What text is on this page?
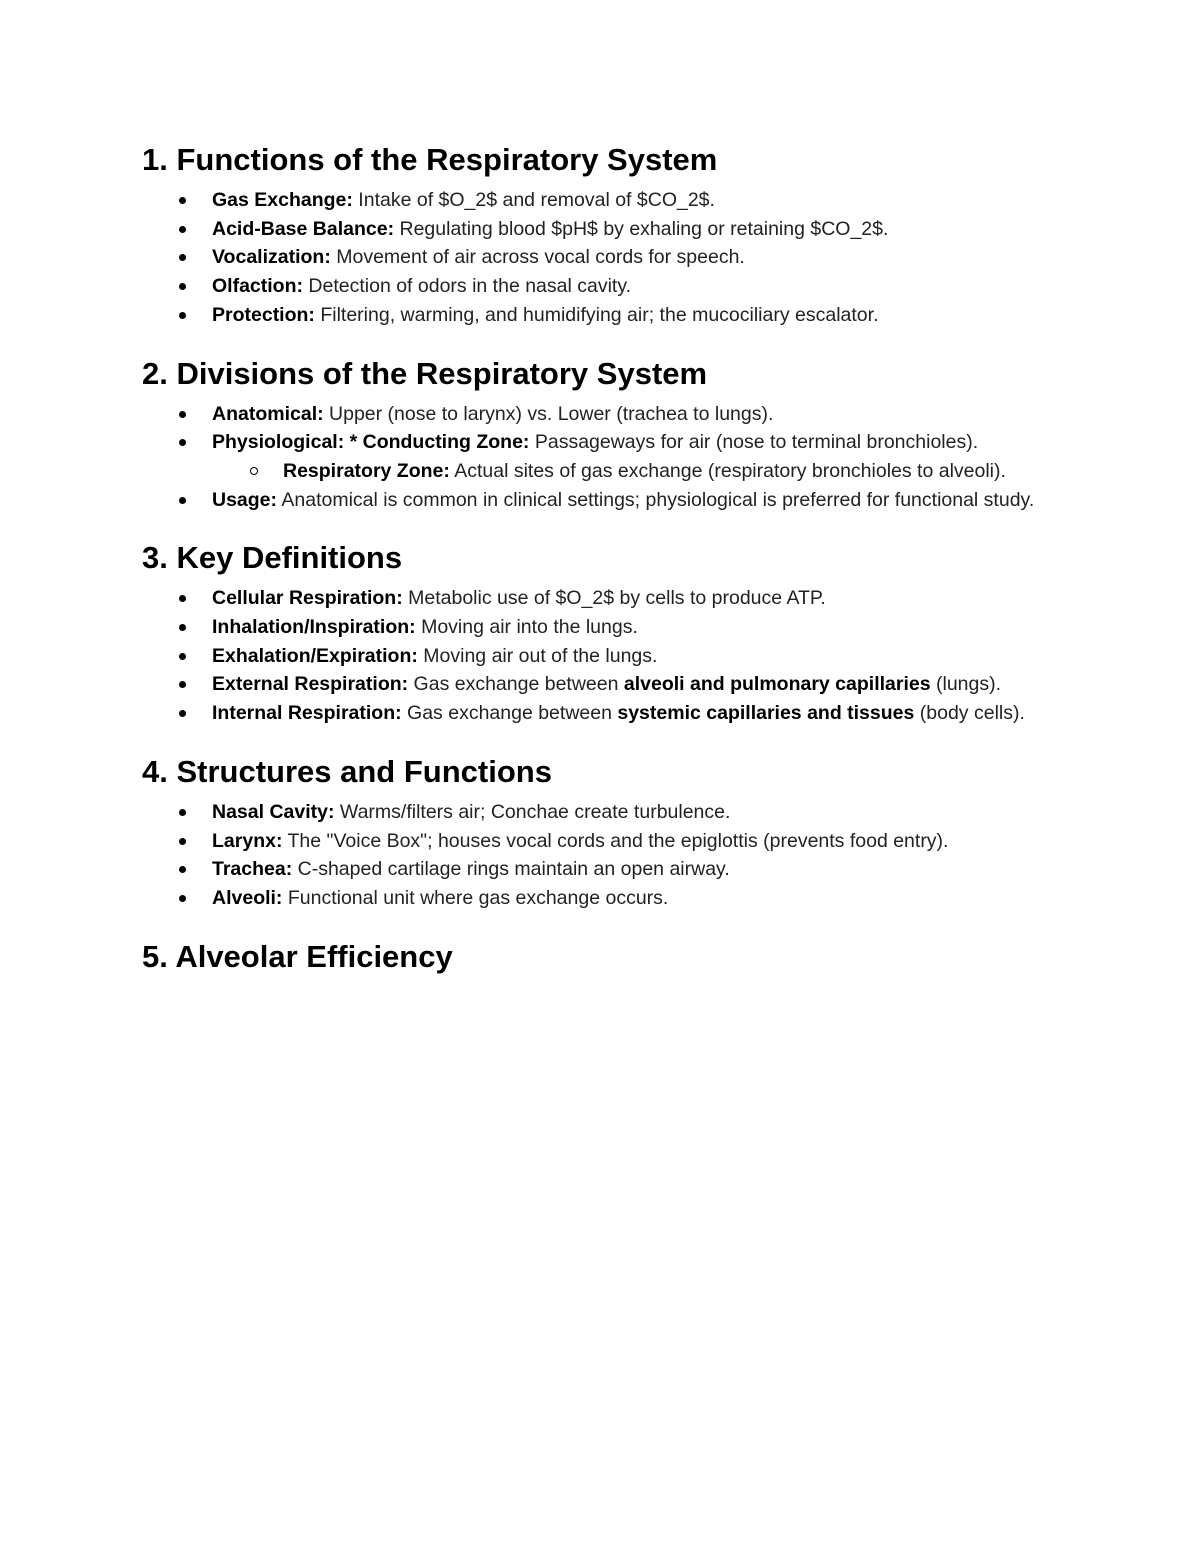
1. Functions of the Respiratory System
Gas Exchange: Intake of $O_2$ and removal of $CO_2$.
Acid-Base Balance: Regulating blood $pH$ by exhaling or retaining $CO_2$.
Vocalization: Movement of air across vocal cords for speech.
Olfaction: Detection of odors in the nasal cavity.
Protection: Filtering, warming, and humidifying air; the mucociliary escalator.
2. Divisions of the Respiratory System
Anatomical: Upper (nose to larynx) vs. Lower (trachea to lungs).
Physiological: * Conducting Zone: Passageways for air (nose to terminal bronchioles).
Respiratory Zone: Actual sites of gas exchange (respiratory bronchioles to alveoli).
Usage: Anatomical is common in clinical settings; physiological is preferred for functional study.
3. Key Definitions
Cellular Respiration: Metabolic use of $O_2$ by cells to produce ATP.
Inhalation/Inspiration: Moving air into the lungs.
Exhalation/Expiration: Moving air out of the lungs.
External Respiration: Gas exchange between alveoli and pulmonary capillaries (lungs).
Internal Respiration: Gas exchange between systemic capillaries and tissues (body cells).
4. Structures and Functions
Nasal Cavity: Warms/filters air; Conchae create turbulence.
Larynx: The "Voice Box"; houses vocal cords and the epiglottis (prevents food entry).
Trachea: C-shaped cartilage rings maintain an open airway.
Alveoli: Functional unit where gas exchange occurs.
5. Alveolar Efficiency
